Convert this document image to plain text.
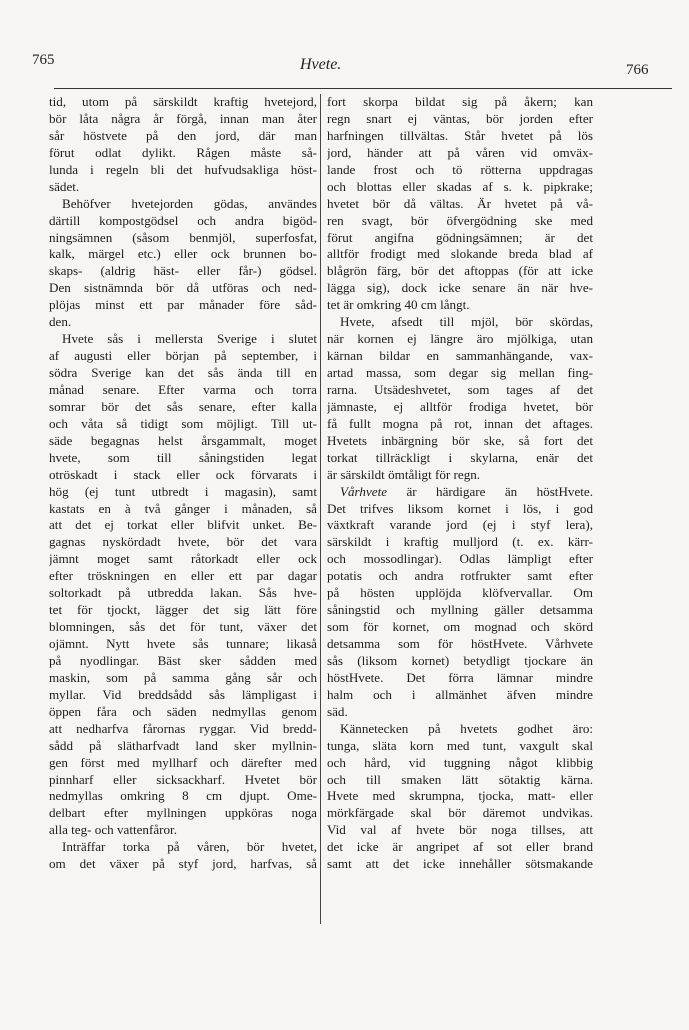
765	Hvete.	766
tid, utom på särskildt kraftig hvetejord,
bör låta några år förgå, innan man åter
sår höstvete på den jord, där man
förut odlat dylikt. Rågen måste så-
lunda i regeln bli det hufvudsakliga höst-
sädet.
Behöfver hvetejorden gödas, användes
därtill kompostgödsel och andra bigöd-
ningsämnen (såsom benmjöl, superfosfat,
kalk, märgel etc.) eller ock brunnen bo-
skaps- (aldrig häst- eller får-) gödsel.
Den sistnämnda bör då utföras och ned-
plöjas minst ett par månader före såd-
den.
Hvete sås i mellersta Sverige i slutet
af augusti eller början på september, i
södra Sverige kan det sås ända till en
månad senare. Efter varma och torra
somrar bör det sås senare, efter kalla
och våta så tidigt som möjligt. Till ut-
säde begagnas helst årsgammalt, moget
hvete, som till såningstiden legat
otröskadt i stack eller ock förvarats i
hög (ej tunt utbredt i magasin), samt
kastats en à två gånger i månaden, så
att det ej torkat eller blifvit unket. Be-
gagnas nyskördadt hvete, bör det vara
jämnt moget samt råtorkadt eller ock
efter tröskningen en eller ett par dagar
soltorkadt på utbredda lakan. Sås hve-
tet för tjockt, lägger det sig lätt före
blomningen, sås det för tunt, växer det
ojämnt. Nytt hvete sås tunnare; likaså
på nyodlingar. Bäst sker sådden med
maskin, som på samma gång sår och
myllar. Vid breddsådd sås lämpligast i
öppen fåra och säden nedmyllas genom
att nedharfva fårornas ryggar. Vid bredd-
sådd på slätharfvadt land sker myllnin-
gen först med myllharf och därefter med
pinnharf eller sicksackharf. Hvetet bör
nedmyllas omkring 8 cm djupt. Ome-
delbart efter myllningen uppköras noga
alla teg- och vattenfåror.
Inträffar torka på våren, bör hvetet,
om det växer på styf jord, harfvas, så
fort skorpa bildat sig på åkern; kan
regn snart ej väntas, bör jorden efter
harfningen tillvältas. Står hvetet på lös
jord, händer att på våren vid omväx-
lande frost och tö rötterna uppdragas
och blottas eller skadas af s. k. pipkrake;
hvetet bör då vältas. Är hvetet på vå-
ren svagt, bör öfvergödning ske med
förut angifna gödningsämnen; är det
alltför frodigt med slokande breda blad af
blågrön färg, bör det aftoppas (för att icke
lägga sig), dock icke senare än när hve-
tet är omkring 40 cm långt.
Hvete, afsedt till mjöl, bör skördas,
när kornen ej längre äro mjölkiga, utan
kärnan bildar en sammanhängande, vax-
artad massa, som degar sig mellan fing-
rarna. Utsädeshvetet, som tages af det
jämnaste, ej alltför frodiga hvetet, bör
få fullt mogna på rot, innan det aftages.
Hvetets inbärgning bör ske, så fort det
torkat tillräckligt i skylarna, enär det
är särskildt ömtåligt för regn.
Vårhvete är härdigare än höstHvete.
Det trifves liksom kornet i lös, i god
växtkraft varande jord (ej i styf lera),
särskildt i kraftig mulljord (t. ex. kärr-
och mossodlingar). Odlas lämpligt efter
potatis och andra rotfrukter samt efter
på hösten upplöjda klöfvervallar. Om
såningstid och myllning gäller detsamma
som för kornet, om mognad och skörd
detsamma som för höstHvete. Vårhvete
sås (liksom kornet) betydligt tjockare än
höstHvete. Det förra lämnar mindre
halm och i allmänhet äfven mindre
säd.
Kännetecken på hvetets godhet äro:
tunga, släta korn med tunt, vaxgult skal
och hård, vid tuggning något klibbig
och till smaken lätt sötaktig kärna.
Hvete med skrumpna, tjocka, matt- eller
mörkfärgade skal bör däremot undvikas.
Vid val af hvete bör noga tillses, att
det icke är angripet af sot eller brand
samt att det icke innehåller sötsmakande
